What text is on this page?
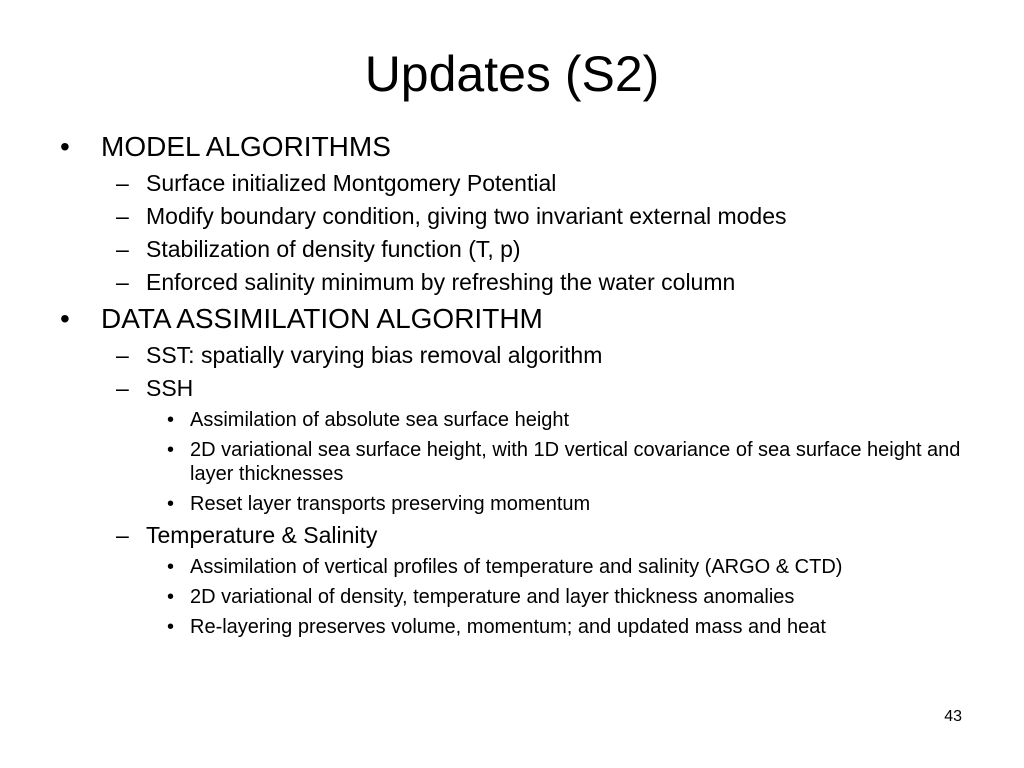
Updates (S2)
• MODEL ALGORITHMS
– Surface initialized Montgomery Potential
– Modify boundary condition, giving two invariant external modes
– Stabilization of density function (T, p)
– Enforced salinity minimum by refreshing the water column
• DATA ASSIMILATION ALGORITHM
– SST: spatially varying bias removal algorithm
– SSH
• Assimilation of absolute sea surface height
• 2D variational sea surface height, with 1D vertical covariance of sea surface height and layer thicknesses
• Reset layer transports preserving momentum
– Temperature & Salinity
• Assimilation of vertical profiles of temperature and salinity (ARGO & CTD)
• 2D variational of density, temperature and layer thickness anomalies
• Re-layering preserves volume, momentum; and updated mass and heat
43
